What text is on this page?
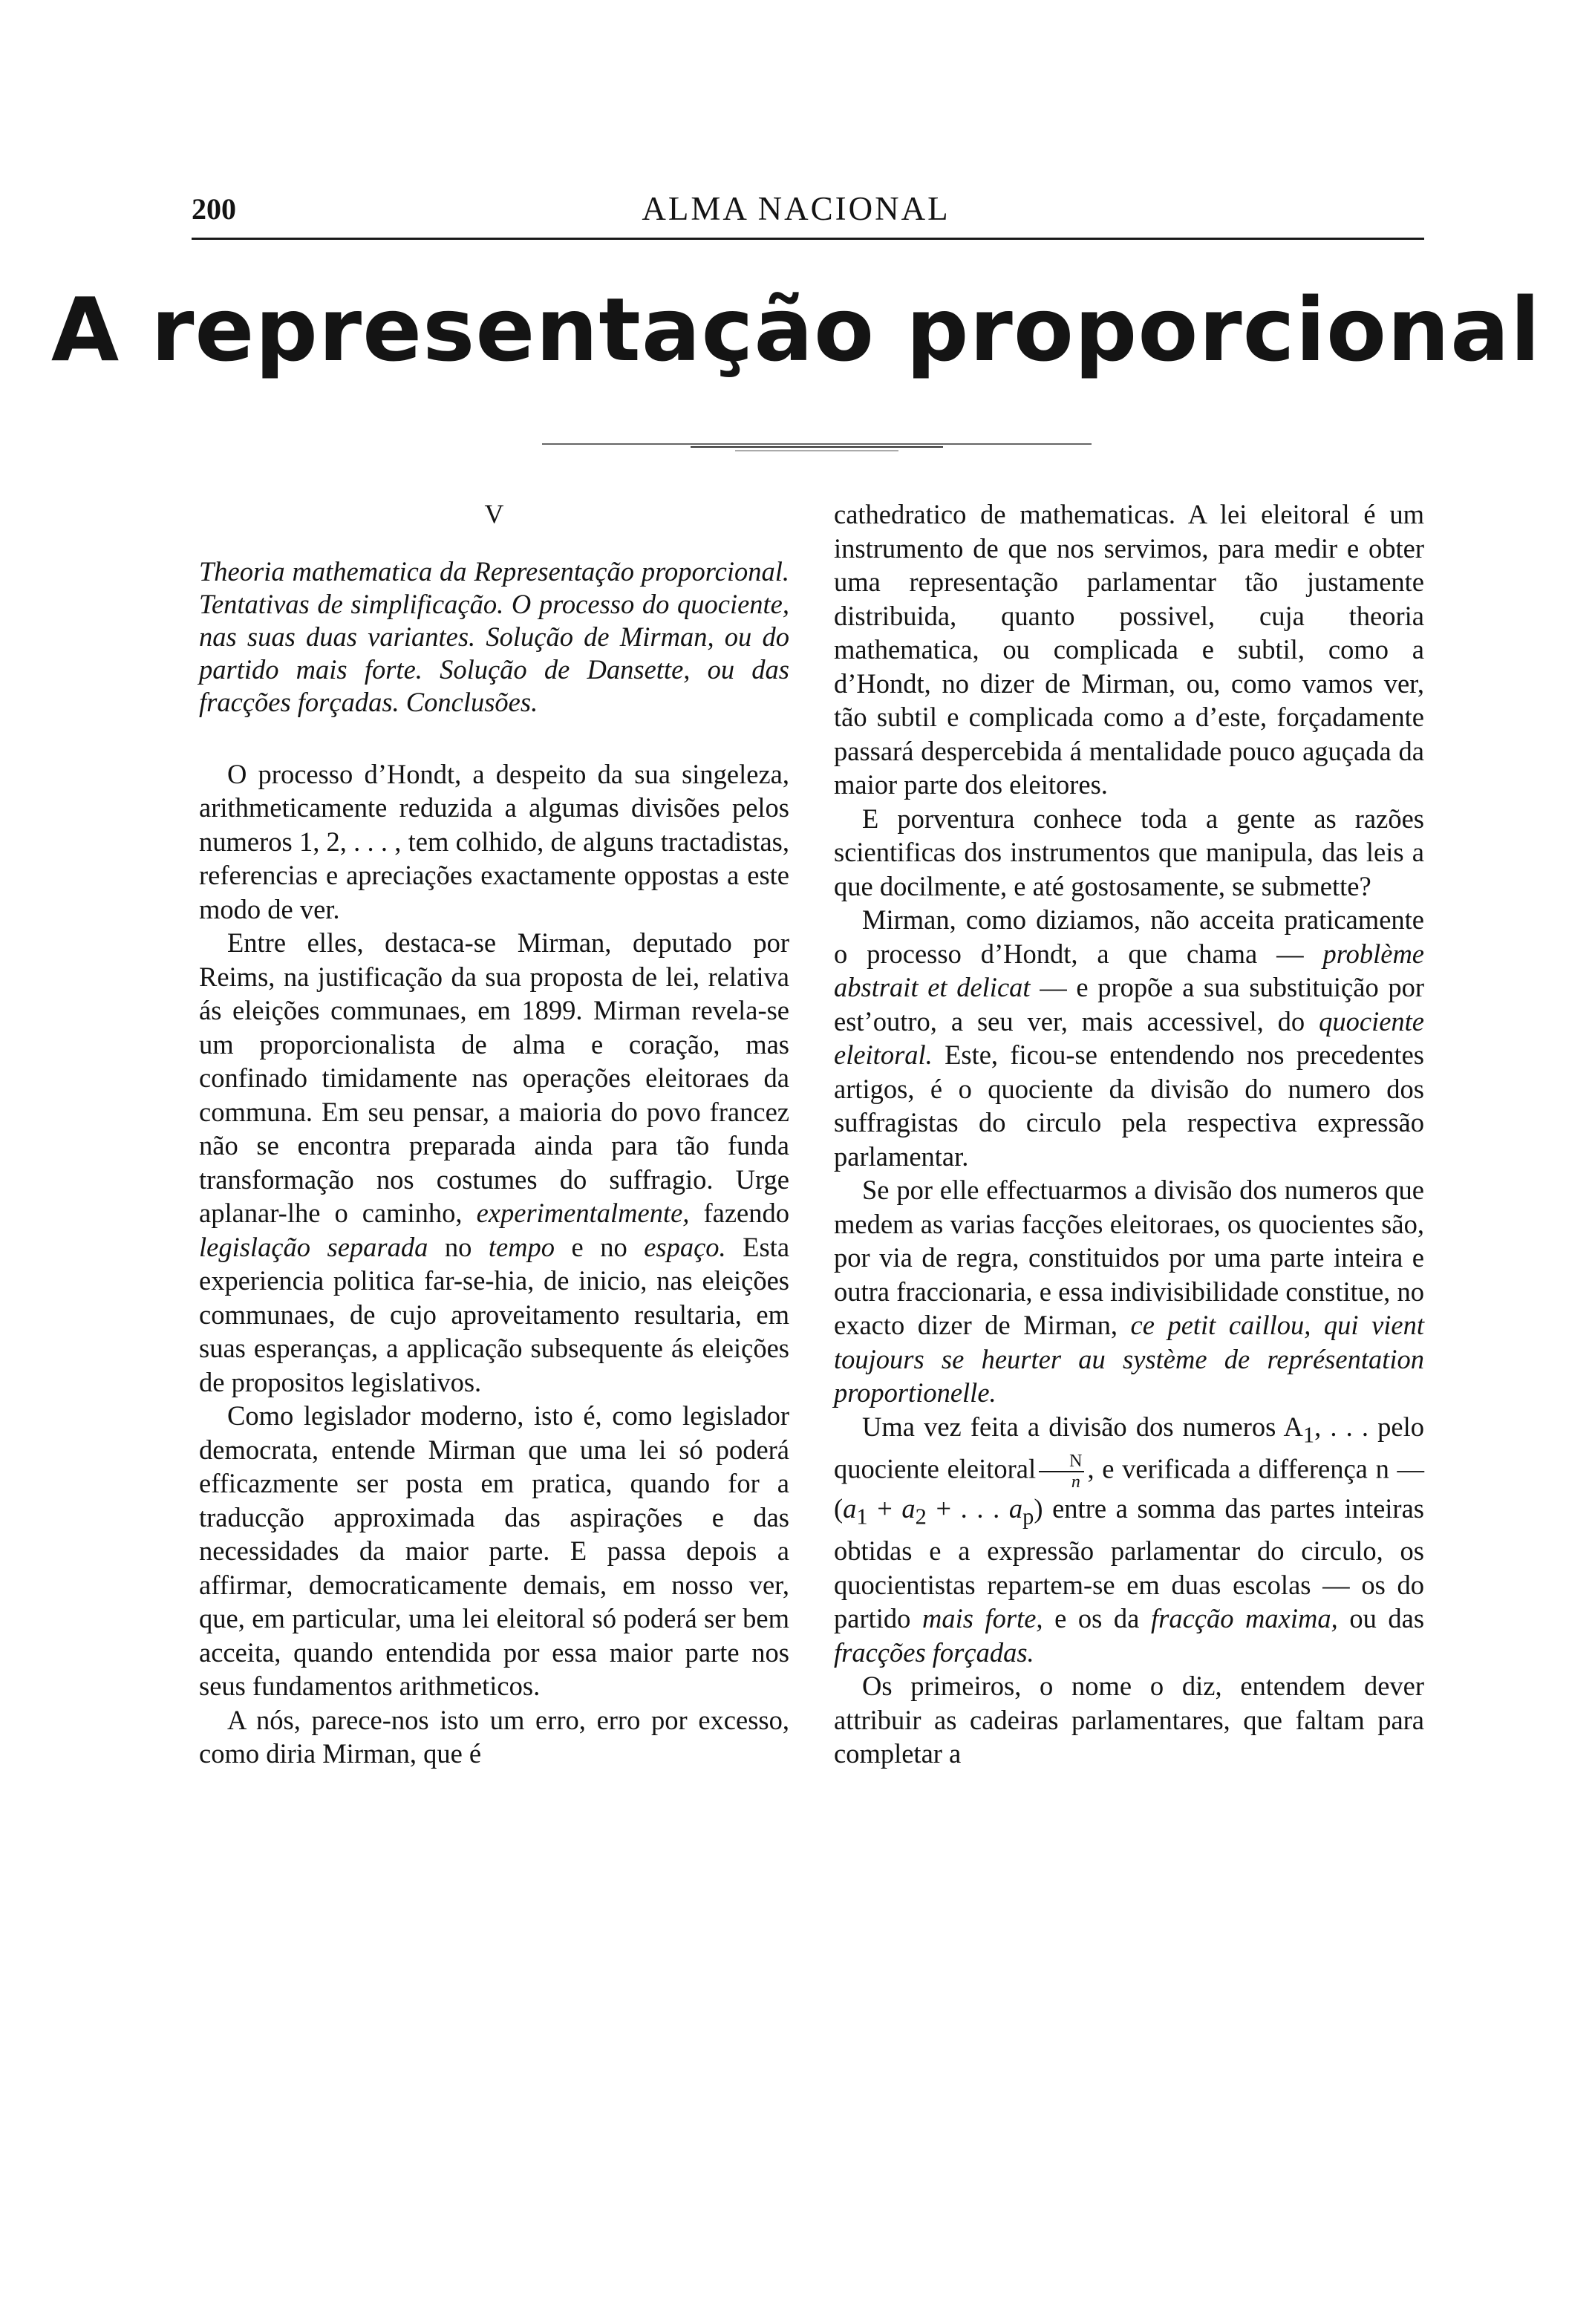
200	ALMA NACIONAL
A representação proporcional

V

Theoria mathematica da Representação proporcional. Tentativas de simplificação. O processo do quociente, nas suas duas variantes. Solução de Mirman, ou do partido mais forte. Solução de Dansette, ou das fracções forçadas. Conclusões.

O processo d’Hondt, a despeito da sua singeleza, arithmeticamente reduzida a algumas divisões pelos numeros 1, 2, . . . , tem colhido, de alguns tractadistas, referencias e apreciações exactamente oppostas a este modo de ver.

Entre elles, destaca-se Mirman, deputado por Reims, na justificação da sua proposta de lei, relativa ás eleições communaes, em 1899. Mirman revela-se um proporcionalista de alma e coração, mas confinado timidamente nas operações eleitoraes da communa. Em seu pensar, a maioria do povo francez não se encontra preparada ainda para tão funda transformação nos costumes do suffragio. Urge aplanar-lhe o caminho, experimentalmente, fazendo legislação separada no tempo e no espaço. Esta experiencia politica far-se-hia, de inicio, nas eleições communaes, de cujo aproveitamento resultaria, em suas esperanças, a applicação subsequente ás eleições de propositos legislativos.

Como legislador moderno, isto é, como legislador democrata, entende Mirman que uma lei só poderá efficazmente ser posta em pratica, quando for a traducção approximada das aspirações e das necessidades da maior parte. E passa depois a affirmar, democraticamente demais, em nosso ver, que, em particular, uma lei eleitoral só poderá ser bem acceita, quando entendida por essa maior parte nos seus fundamentos arithmeticos.

A nós, parece-nos isto um erro, erro por excesso, como diria Mirman, que é

cathedratico de mathematicas. A lei eleitoral é um instrumento de que nos servimos, para medir e obter uma representação parlamentar tão justamente distribuida, quanto possivel, cuja theoria mathematica, ou complicada e subtil, como a d’Hondt, no dizer de Mirman, ou, como vamos ver, tão subtil e complicada como a d’este, forçadamente passará despercebida á mentalidade pouco aguçada da maior parte dos eleitores.

E porventura conhece toda a gente as razões scientificas dos instrumentos que manipula, das leis a que docilmente, e até gostosamente, se submette?

Mirman, como diziamos, não acceita praticamente o processo d’Hondt, a que chama — problème abstrait et delicat — e propõe a sua substituição por est’outro, a seu ver, mais accessivel, do quociente eleitoral. Este, ficou-se entendendo nos precedentes artigos, é o quociente da divisão do numero dos suffragistas do circulo pela respectiva expressão parlamentar.

Se por elle effectuarmos a divisão dos numeros que medem as varias facções eleitoraes, os quocientes são, por via de regra, constituidos por uma parte inteira e outra fraccionaria, e essa indivisibilidade constitue, no exacto dizer de Mirman, ce petit caillou, qui vient toujours se heurter au système de représentation proportionelle.

Uma vez feita a divisão dos numeros $A_1$, . . . pelo quociente eleitoral $\frac{N}{n}$ , e verificada a differença n — ($a_1 + a_2$ + . . . $a_p$) entre a somma das partes inteiras obtidas e a expressão parlamentar do circulo, os quocientistas repartem-se em duas escolas — os do partido mais forte, e os da fracção maxima, ou das fracções forçadas.

Os primeiros, o nome o diz, entendem dever attribuir as cadeiras parlamentares, que faltam para completar a
